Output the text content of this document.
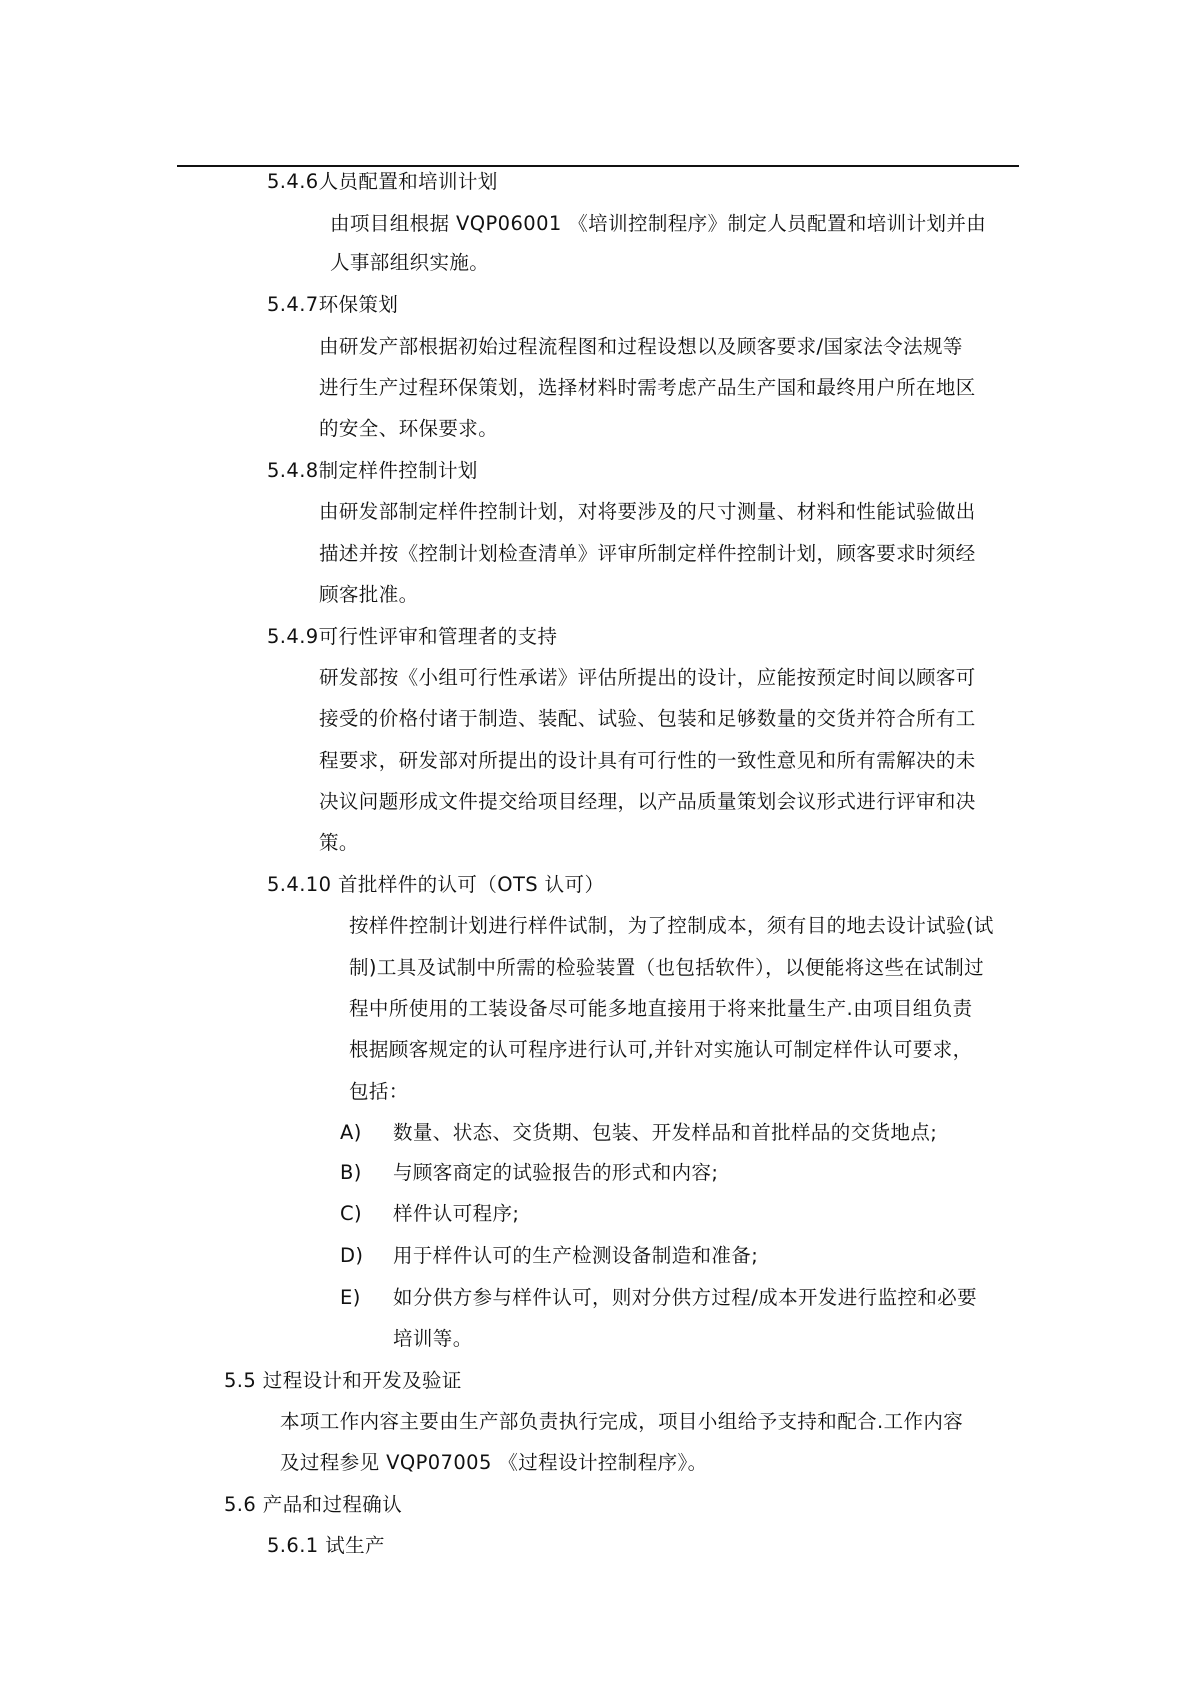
5.4.6人员配置和培训计划

由项目组根据 VQP06001 《培训控制程序》制定人员配置和培训计划并由

人事部组织实施。

5.4.7环保策划

由研发产部根据初始过程流程图和过程设想以及顾客要求/国家法令法规等

进行生产过程环保策划，选择材料时需考虑产品生产国和最终用户所在地区

的安全、环保要求。

5.4.8制定样件控制计划

由研发部制定样件控制计划，对将要涉及的尺寸测量、材料和性能试验做出

描述并按《控制计划检查清单》评审所制定样件控制计划，顾客要求时须经

顾客批准。

5.4.9可行性评审和管理者的支持

研发部按《小组可行性承诺》评估所提出的设计，应能按预定时间以顾客可

接受的价格付诸于制造、装配、试验、包装和足够数量的交货并符合所有工

程要求，研发部对所提出的设计具有可行性的一致性意见和所有需解决的未

决议问题形成文件提交给项目经理，以产品质量策划会议形式进行评审和决

策。

5.4.10 首批样件的认可（OTS 认可）

按样件控制计划进行样件试制，为了控制成本，须有目的地去设计试验(试

制)工具及试制中所需的检验装置（也包括软件），以便能将这些在试制过

程中所使用的工装设备尽可能多地直接用于将来批量生产.由项目组负责

根据顾客规定的认可程序进行认可,并针对实施认可制定样件认可要求，

包括：

A) 数量、状态、交货期、包装、开发样品和首批样品的交货地点;

B) 与顾客商定的试验报告的形式和内容;

C) 样件认可程序;

D) 用于样件认可的生产检测设备制造和准备;

E) 如分供方参与样件认可，则对分供方过程/成本开发进行监控和必要

培训等。

5.5 过程设计和开发及验证

本项工作内容主要由生产部负责执行完成，项目小组给予支持和配合.工作内容

及过程参见 VQP07005 《过程设计控制程序》。

5.6 产品和过程确认

5.6.1 试生产
